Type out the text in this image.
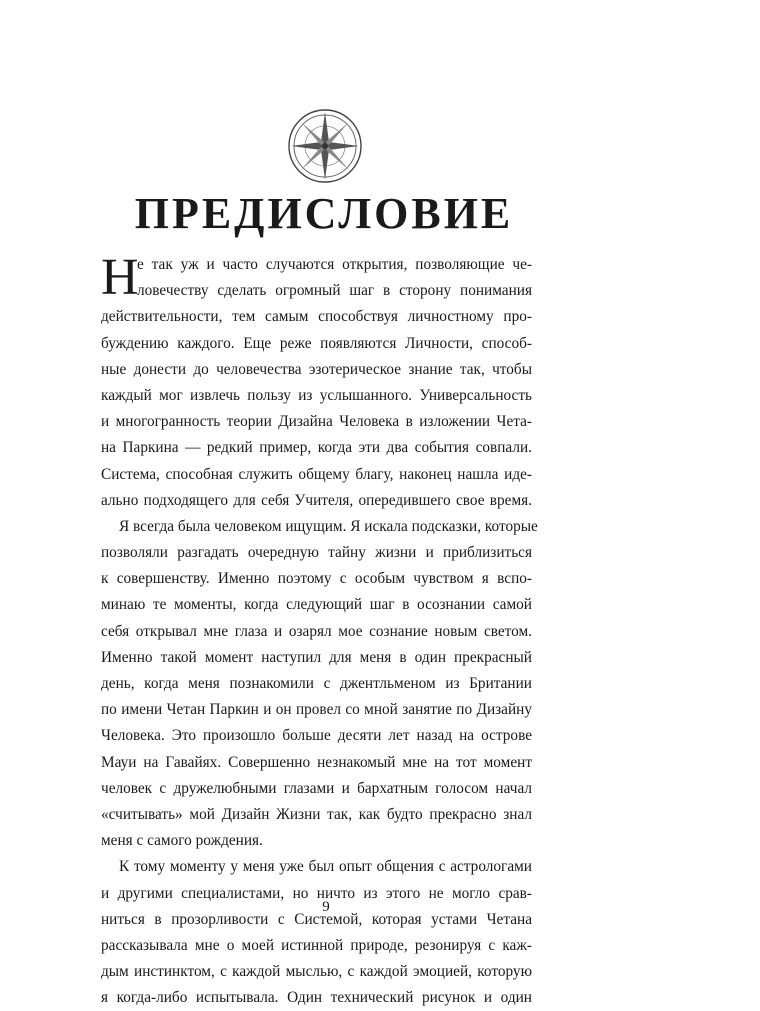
ПРЕДИСЛОВИЕ
Н
е так уж и часто случаются открытия, позволяющие че-
ловечеству сделать огромный шаг в сторону понимания
действительности, тем самым способствуя личностному про-
буждению каждого. Еще реже появляются Личности, способ-
ные донести до человечества эзотерическое знание так, чтобы
каждый мог извлечь пользу из услышанного. Универсальность
и многогранность теории Дизайна Человека в изложении Чета-
на Паркина — редкий пример, когда эти два события совпали.
Система, способная служить общему благу, наконец нашла иде-
ально подходящего для себя Учителя, опередившего свое время.
Я всегда была человеком ищущим. Я искала подсказки, которые
позволяли разгадать очередную тайну жизни и приблизиться
к совершенству. Именно поэтому с особым чувством я вспо-
минаю те моменты, когда следующий шаг в осознании самой
себя открывал мне глаза и озарял мое сознание новым светом.
Именно такой момент наступил для меня в один прекрасный
день, когда меня познакомили с джентльменом из Британии
по имени Четан Паркин и он провел со мной занятие по Дизайну
Человека. Это произошло больше десяти лет назад на острове
Мауи на Гавайях. Совершенно незнакомый мне на тот момент
человек с дружелюбными глазами и бархатным голосом начал
«считывать» мой Дизайн Жизни так, как будто прекрасно знал
меня с самого рождения.
К тому моменту у меня уже был опыт общения с астрологами
и другими специалистами, но ничто из этого не могло срав-
ниться в прозорливости с Системой, которая устами Четана
рассказывала мне о моей истинной природе, резонируя с каж-
дым инстинктом, с каждой мыслью, с каждой эмоцией, которую
я когда-либо испытывала. Один технический рисунок и один
9
